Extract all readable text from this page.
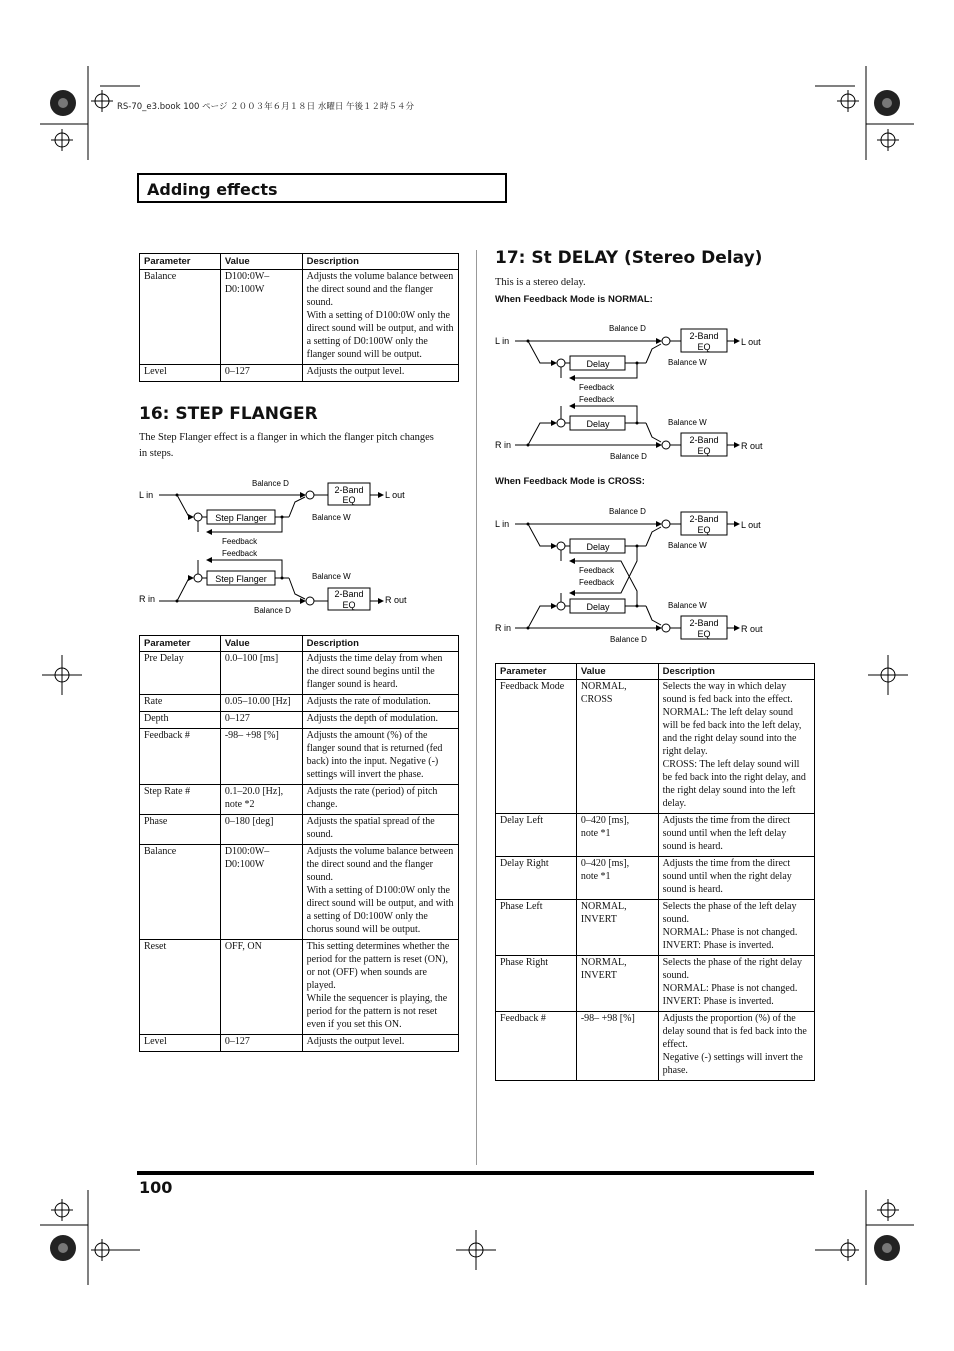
RS-70_e3.book 100 ページ ２００３年６月１８日 水曜日 午後１２時５４分
Adding effects
Parameter	Value	Description
Balance	D100:0W–
D0:100W	Adjusts the volume balance between the direct sound and the flanger sound.
With a setting of D100:0W only the direct sound will be output, and with a setting of D0:100W only the flanger sound will be output.
Level	0–127	Adjusts the output level.
16: STEP FLANGER
The Step Flanger effect is a flanger in which the flanger pitch changes in steps.
L in
R in
L out
R out
Step Flanger
Step Flanger
2-Band
EQ
2-Band
EQ
Balance D
Balance W
Balance W
Balance D
Feedback
Feedback
Parameter	Value	Description
Pre Delay	0.0–100 [ms]	Adjusts the time delay from when the direct sound begins until the flanger sound is heard.
Rate	0.05–10.00 [Hz]	Adjusts the rate of modulation.
Depth	0–127	Adjusts the depth of modulation.
Feedback #	-98– +98 [%]	Adjusts the amount (%) of the flanger sound that is returned (fed back) into the input. Negative (-) settings will invert the phase.
Step Rate #	0.1–20.0 [Hz],
note *2	Adjusts the rate (period) of pitch change.
Phase	0–180 [deg]	Adjusts the spatial spread of the sound.
Balance	D100:0W–
D0:100W	Adjusts the volume balance between the direct sound and the flanger sound.
With a setting of D100:0W only the direct sound will be output, and with a setting of D0:100W only the chorus sound will be output.
Reset	OFF, ON	This setting determines whether the period for the pattern is reset (ON), or not (OFF) when sounds are played.
While the sequencer is playing, the period for the pattern is not reset even if you set this ON.
Level	0–127	Adjusts the output level.
17: St DELAY (Stereo Delay)
This is a stereo delay.
When Feedback Mode is NORMAL:
L in
R in
L out
R out
Delay
Delay
2-Band
EQ
2-Band
EQ
Balance D
Balance W
Balance W
Balance D
Feedback
Feedback
When Feedback Mode is CROSS:
L in
R in
L out
R out
Delay
Delay
2-Band
EQ
2-Band
EQ
Balance D
Balance W
Balance W
Balance D
Feedback
Feedback
Parameter	Value	Description
Feedback Mode	NORMAL,
CROSS	Selects the way in which delay sound is fed back into the effect.
NORMAL: The left delay sound will be fed back into the left delay, and the right delay sound into the right delay.
CROSS: The left delay sound will be fed back into the right delay, and the right delay sound into the left delay.
Delay Left	0–420 [ms],
note *1	Adjusts the time from the direct sound until when the left delay sound is heard.
Delay Right	0–420 [ms],
note *1	Adjusts the time from the direct sound until when the right delay sound is heard.
Phase Left	NORMAL,
INVERT	Selects the phase of the left delay sound.
NORMAL: Phase is not changed.
INVERT: Phase is inverted.
Phase Right	NORMAL,
INVERT	Selects the phase of the right delay sound.
NORMAL: Phase is not changed.
INVERT: Phase is inverted.
Feedback #	-98– +98 [%]	Adjusts the proportion (%) of the delay sound that is fed back into the effect.
Negative (-) settings will invert the phase.
100
